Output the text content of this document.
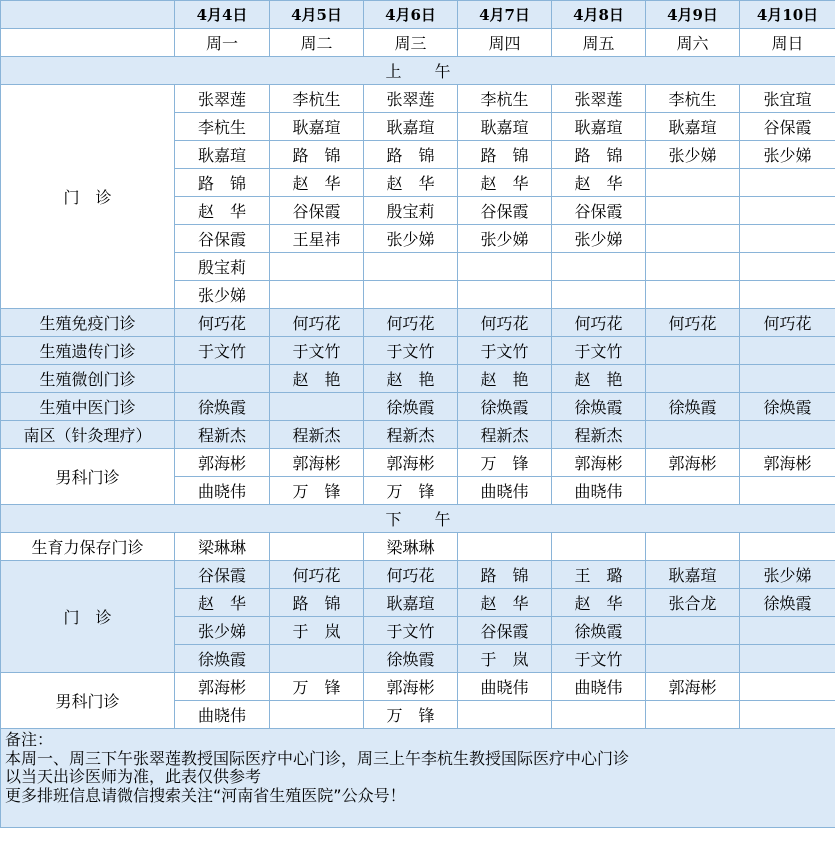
	4月4日	4月5日	4月6日	4月7日	4月8日	4月9日	4月10日
	周一	周二	周三	周四	周五	周六	周日
上 午							
门　诊	张翠莲	李杭生	张翠莲	李杭生	张翠莲	李杭生	张宜瑄
	李杭生	耿嘉瑄	耿嘉瑄	耿嘉瑄	耿嘉瑄	耿嘉瑄	谷保霞
	耿嘉瑄	路　锦	路　锦	路　锦	路　锦	张少娣	张少娣
	路　锦	赵　华	赵　华	赵　华	赵　华		
	赵　华	谷保霞	殷宝莉	谷保霞	谷保霞		
	谷保霞	王星祎	张少娣	张少娣	张少娣		
	殷宝莉						
	张少娣						
生殖免疫门诊	何巧花	何巧花	何巧花	何巧花	何巧花	何巧花	何巧花
生殖遗传门诊	于文竹	于文竹	于文竹	于文竹	于文竹		
生殖微创门诊		赵　艳	赵　艳	赵　艳	赵　艳		
生殖中医门诊	徐焕霞		徐焕霞	徐焕霞	徐焕霞	徐焕霞	徐焕霞
南区（针灸理疗）	程新杰	程新杰	程新杰	程新杰	程新杰		
男科门诊	郭海彬	郭海彬	郭海彬	万　锋	郭海彬	郭海彬	郭海彬
	曲晓伟	万　锋	万　锋	曲晓伟	曲晓伟		
下 午							
生育力保存门诊	梁琳琳		梁琳琳				
门　诊	谷保霞	何巧花	何巧花	路　锦	王　璐	耿嘉瑄	张少娣
	赵　华	路　锦	耿嘉瑄	赵　华	赵　华	张合龙	徐焕霞
	张少娣	于　岚	于文竹	谷保霞	徐焕霞		
	徐焕霞		徐焕霞	于　岚	于文竹		
男科门诊	郭海彬	万　锋	郭海彬	曲晓伟	曲晓伟	郭海彬	
	曲晓伟		万　锋				

备注：
本周一、周三下午张翠莲教授国际医疗中心门诊，周三上午李杭生教授国际医疗中心门诊
以当天出诊医师为准，此表仅供参考
更多排班信息请微信搜索关注“河南省生殖医院”公众号！							
